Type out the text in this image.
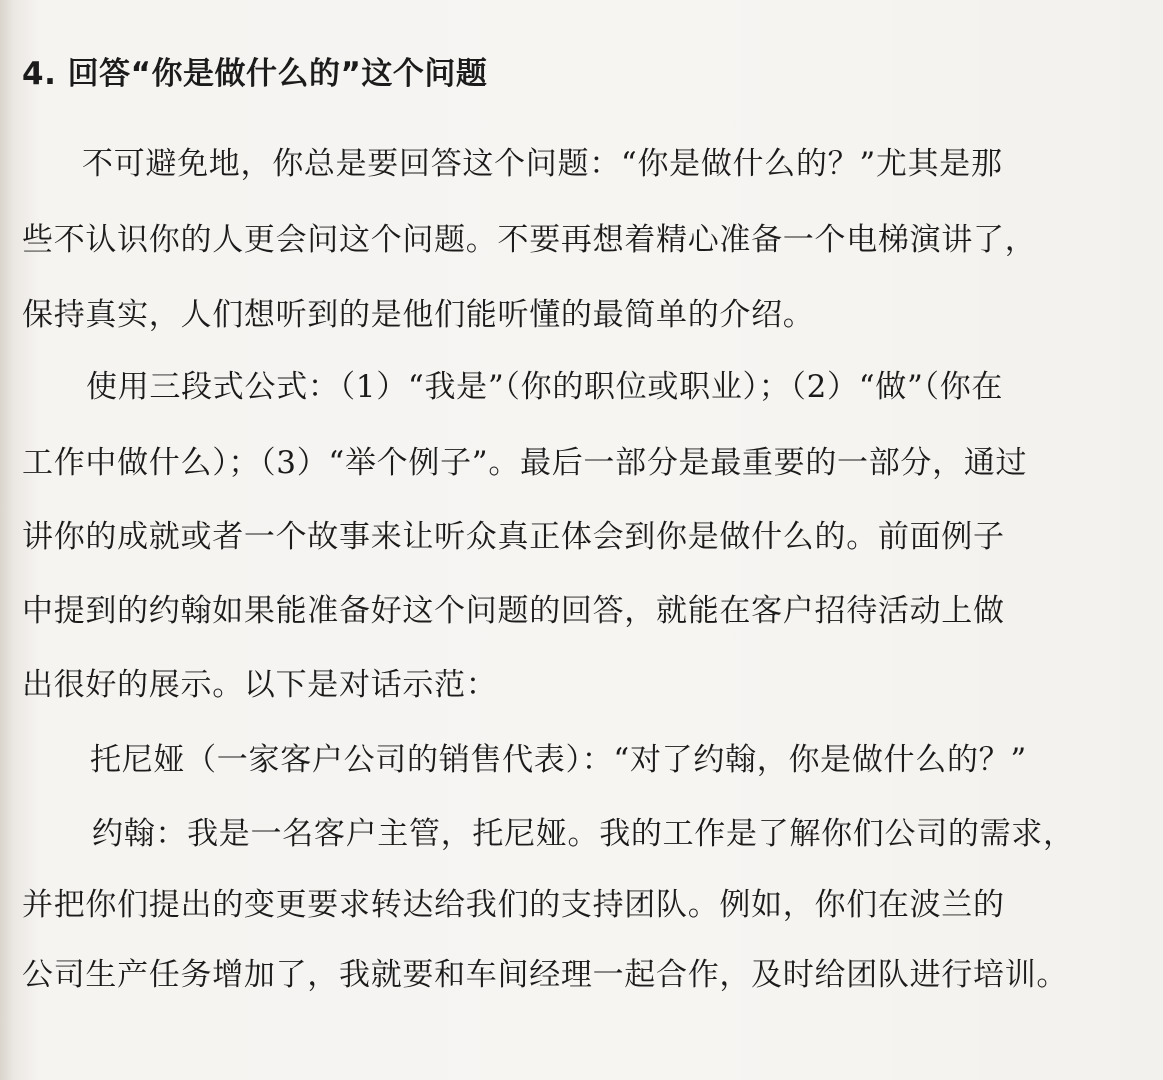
4. 回答“你是做什么的”这个问题
不可避免地，你总是要回答这个问题：“你是做什么的？”尤其是那
些不认识你的人更会问这个问题。不要再想着精心准备一个电梯演讲了，
保持真实，人们想听到的是他们能听懂的最简单的介绍。
使用三段式公式：（1）“我是”（你的职位或职业）；（2）“做”（你在
工作中做什么）；（3）“举个例子”。最后一部分是最重要的一部分，通过
讲你的成就或者一个故事来让听众真正体会到你是做什么的。前面例子
中提到的约翰如果能准备好这个问题的回答，就能在客户招待活动上做
出很好的展示。以下是对话示范：
托尼娅（一家客户公司的销售代表）：“对了约翰，你是做什么的？”
约翰：我是一名客户主管，托尼娅。我的工作是了解你们公司的需求，
并把你们提出的变更要求转达给我们的支持团队。例如，你们在波兰的
公司生产任务增加了，我就要和车间经理一起合作，及时给团队进行培训。
